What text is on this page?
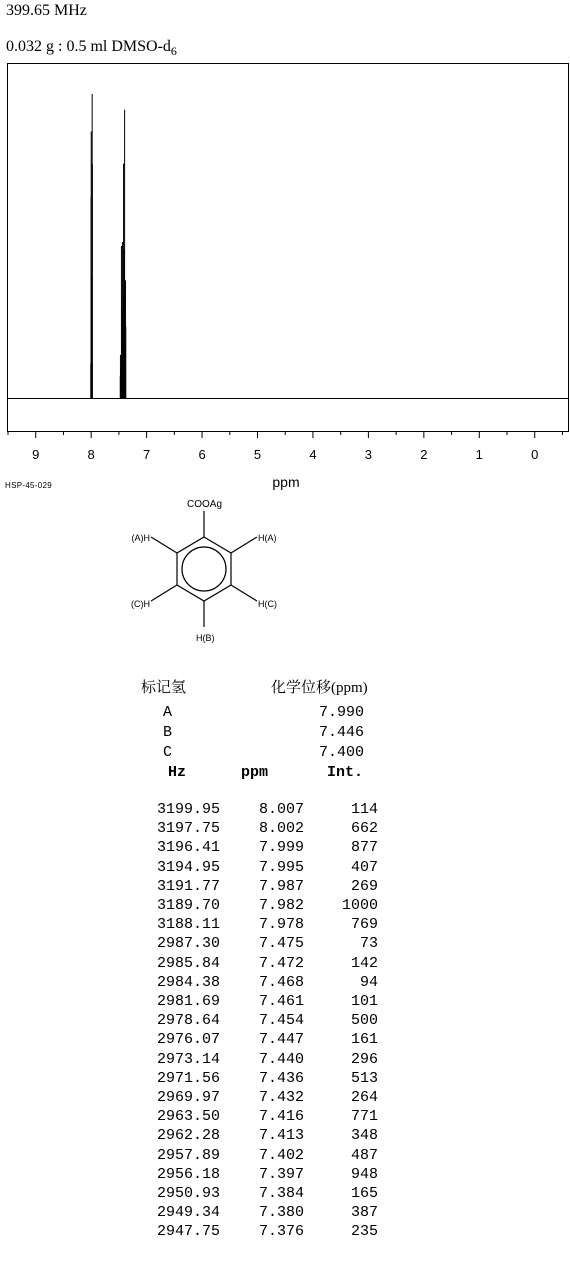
399.65 MHz
0.032 g : 0.5 ml DMSO-$d_6$
9	8	7	6	5	4	3	2	1	0
ppm
HSP-45-029
COOAg
(A)H	H(A)
(C)H	H(C)
H(B)
标记氢	化学位移(ppm)
A	7.990
B	7.446
C	7.400
Hz	ppm	Int.
3199.95	8.007	114
3197.75	8.002	662
3196.41	7.999	877
3194.95	7.995	407
3191.77	7.987	269
3189.70	7.982	1000
3188.11	7.978	769
2987.30	7.475	73
2985.84	7.472	142
2984.38	7.468	94
2981.69	7.461	101
2978.64	7.454	500
2976.07	7.447	161
2973.14	7.440	296
2971.56	7.436	513
2969.97	7.432	264
2963.50	7.416	771
2962.28	7.413	348
2957.89	7.402	487
2956.18	7.397	948
2950.93	7.384	165
2949.34	7.380	387
2947.75	7.376	235
